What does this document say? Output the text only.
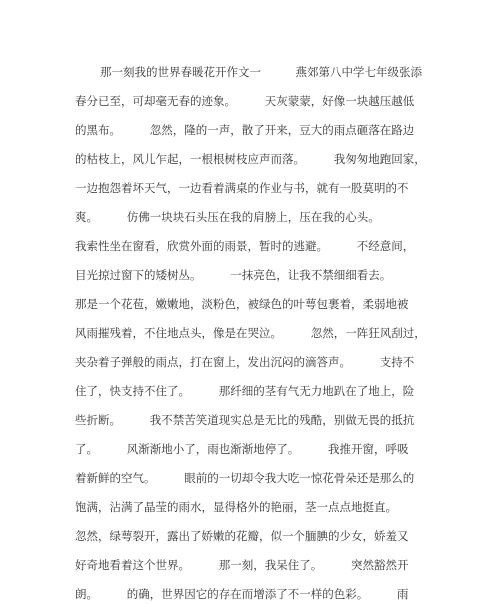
那一刻我的世界春暖花开作文一　　　燕郊第八中学七年级张添
春分已至，可却毫无春的迹象。　　　天灰蒙蒙，好像一块越压越低
的黑布。　　　忽然，隆的一声，散了开来，豆大的雨点砸落在路边
的枯枝上，风儿乍起，一根根树枝应声而落。　　　我匆匆地跑回家，
一边抱怨着坏天气，一边看着满桌的作业与书，就有一股莫明的不
爽。　　　仿佛一块块石头压在我的肩膀上，压在我的心头。
我索性坐在窗看，欣赏外面的雨景，暂时的逃避。　　　不经意间，
目光掠过窗下的矮树丛。　　　一抹亮色，让我不禁细细看去。
那是一个花苞，嫩嫩地，淡粉色，被绿色的叶萼包裹着，柔弱地被
风雨摧残着，不住地点头，像是在哭泣。　　　忽然，一阵狂风刮过，
夹杂着子弹般的雨点，打在窗上，发出沉闷的滴答声。　　　支持不
住了，快支持不住了。　　　那纤细的茎有气无力地趴在了地上，险
些折断。　　　我不禁苦笑道现实总是无比的残酷，别做无畏的抵抗
了。　　　风渐渐地小了，雨也渐渐地停了。　　　我推开窗，呼吸
着新鲜的空气。　　　眼前的一切却令我大吃一惊花骨朵还是那么的
饱满，沾满了晶莹的雨水，显得格外的艳丽，茎一点点地挺直。
忽然，绿萼裂开，露出了娇嫩的花瓣，似一个腼腆的少女，娇羞又
好奇地看着这个世界。　　　那一刻，我呆住了。　　　突然豁然开
朗。　　　的确，世界因它的存在而增添了不一样的色彩。　　　雨
